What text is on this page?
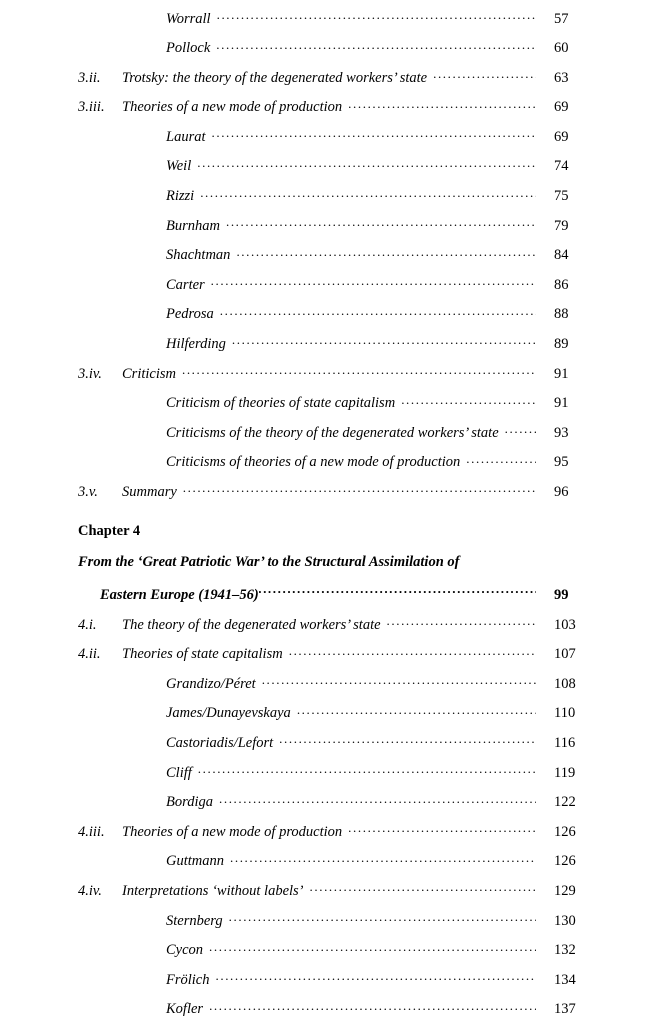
Worrall .....	57
Pollock .....	60
3.ii.	Trotsky: the theory of the degenerated workers’ state .....	63
3.iii.	Theories of a new mode of production .....	69
Laurat .....	69
Weil .....	74
Rizzi .....	75
Burnham .....	79
Shachtman .....	84
Carter .....	86
Pedrosa .....	88
Hilferding .....	89
3.iv.	Criticism .....	91
Criticism of theories of state capitalism .....	91
Criticisms of the theory of the degenerated workers’ state .....	93
Criticisms of theories of a new mode of production .....	95
3.v.	Summary .....	96
Chapter 4
From the ‘Great Patriotic War’ to the Structural Assimilation of
Eastern Europe (1941–56) .....	99
4.i.	The theory of the degenerated workers’ state .....	103
4.ii.	Theories of state capitalism .....	107
Grandizo/Péret .....	108
James/Dunayevskaya .....	110
Castoriadis/Lefort .....	116
Cliff .....	119
Bordiga .....	122
4.iii.	Theories of a new mode of production .....	126
Guttmann .....	126
4.iv.	Interpretations ‘without labels’ .....	129
Sternberg .....	130
Cycon .....	132
Frölich .....	134
Kofler .....	137
